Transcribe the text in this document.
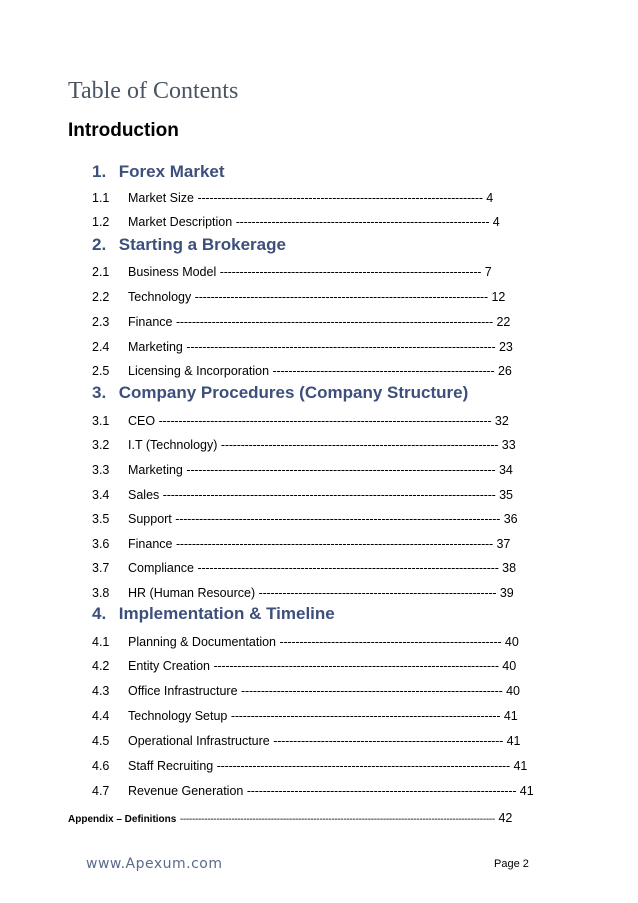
Table of Contents
Introduction
1. Forex Market
1.1 Market Size ------------------------------------------------------------------------ 4
1.2 Market Description ---------------------------------------------------------------- 4
2. Starting a Brokerage
2.1 Business Model ------------------------------------------------------------------ 7
2.2 Technology -------------------------------------------------------------------------- 12
2.3 Finance -------------------------------------------------------------------------------- 22
2.4 Marketing ------------------------------------------------------------------------------ 23
2.5 Licensing & Incorporation -------------------------------------------------------- 26
3. Company Procedures (Company Structure)
3.1 CEO ------------------------------------------------------------------------------------ 32
3.2 I.T (Technology) ---------------------------------------------------------------------- 33
3.3 Marketing ------------------------------------------------------------------------------ 34
3.4 Sales ------------------------------------------------------------------------------------ 35
3.5 Support ---------------------------------------------------------------------------------- 36
3.6 Finance -------------------------------------------------------------------------------- 37
3.7 Compliance ---------------------------------------------------------------------------- 38
3.8 HR (Human Resource) ------------------------------------------------------------ 39
4. Implementation & Timeline
4.1 Planning & Documentation -------------------------------------------------------- 40
4.2 Entity Creation ------------------------------------------------------------------------ 40
4.3 Office Infrastructure ------------------------------------------------------------------ 40
4.4 Technology Setup -------------------------------------------------------------------- 41
4.5 Operational Infrastructure ---------------------------------------------------------- 41
4.6 Staff Recruiting -------------------------------------------------------------------------- 41
4.7 Revenue Generation -------------------------------------------------------------------- 41
Appendix – Definitions -------------------------------------------------------------------------------------------------------- 42
www.Apexum.com	Page 2
